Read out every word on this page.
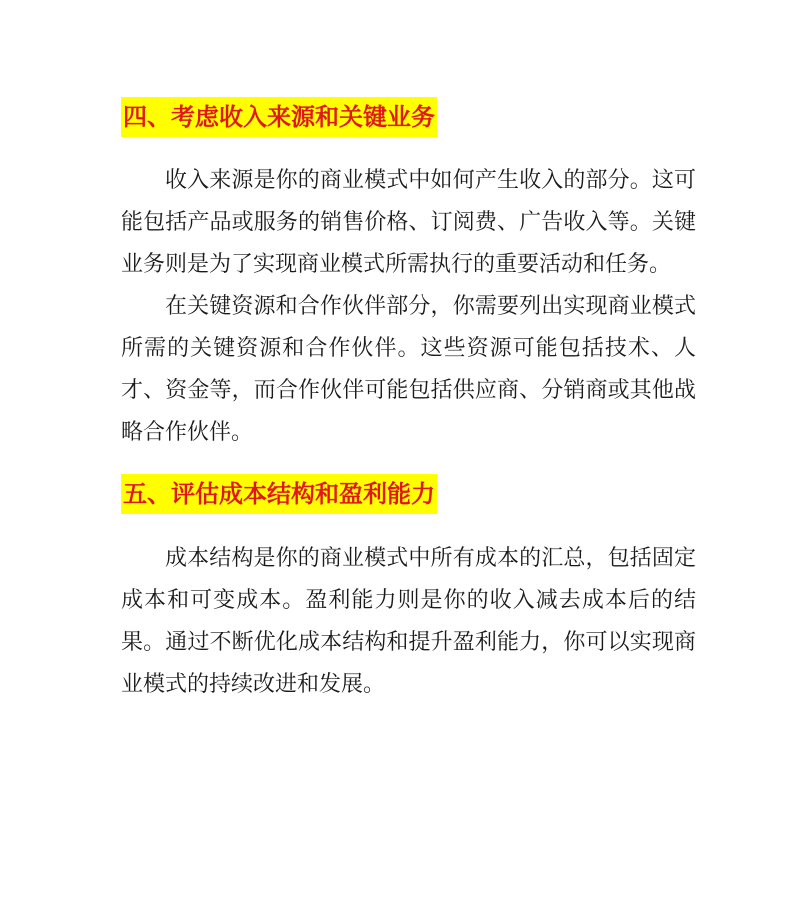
四、考虑收入来源和关键业务

收入来源是你的商业模式中如何产生收入的部分。这可能包括产品或服务的销售价格、订阅费、广告收入等。关键业务则是为了实现商业模式所需执行的重要活动和任务。

在关键资源和合作伙伴部分，你需要列出实现商业模式所需的关键资源和合作伙伴。这些资源可能包括技术、人才、资金等，而合作伙伴可能包括供应商、分销商或其他战略合作伙伴。

五、评估成本结构和盈利能力

成本结构是你的商业模式中所有成本的汇总，包括固定成本和可变成本。盈利能力则是你的收入减去成本后的结果。通过不断优化成本结构和提升盈利能力，你可以实现商业模式的持续改进和发展。
